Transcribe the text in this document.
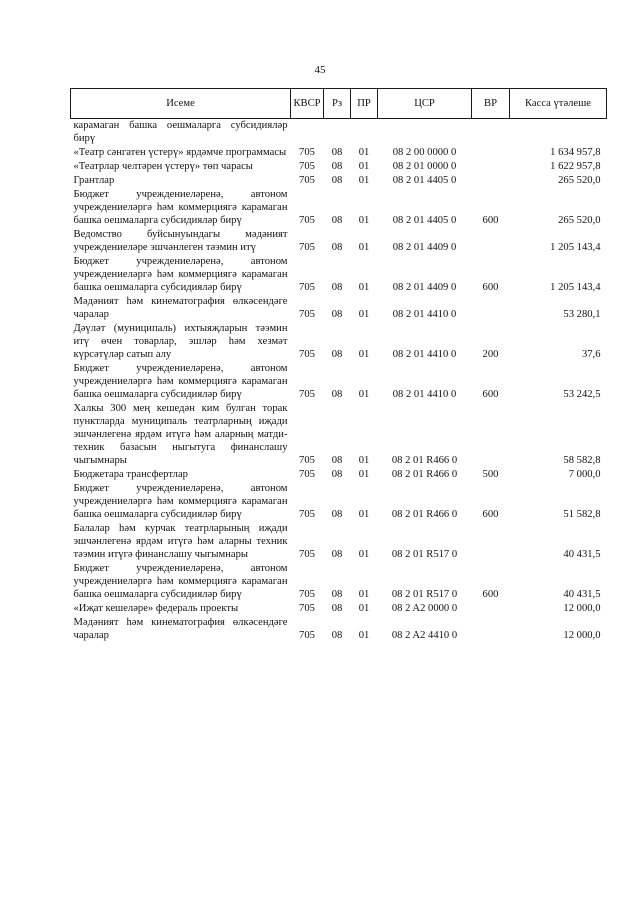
45
Исеме	КВСР	Рз	ПР	ЦСР	ВР	Касса үтәлеше
карамаган башка оешмаларга субсидияләр бирү						
«Театр сәнгатен үстерү» ярдәмче программасы	705	08	01	08 2 00 0000 0		1 634 957,8
«Театрлар челтәрен үстерү» төп чарасы	705	08	01	08 2 01 0000 0		1 622 957,8
Грантлар	705	08	01	08 2 01 4405 0		265 520,0
Бюджет учреждениеләренә, автоном учреждениеләргә һәм коммерциягә карамаган башка оешмаларга субсидияләр бирү	705	08	01	08 2 01 4405 0	600	265 520,0
Ведомство буйсынуындагы мәдәният учреждениеләре эшчәнлеген тәэмин итү	705	08	01	08 2 01 4409 0		1 205 143,4
Бюджет учреждениеләренә, автоном учреждениеләргә һәм коммерциягә карамаган башка оешмаларга субсидияләр бирү	705	08	01	08 2 01 4409 0	600	1 205 143,4
Мәдәният һәм кинематография өлкәсендәге чаралар	705	08	01	08 2 01 4410 0		53 280,1
Дәүләт (муниципаль) ихтыяҗларын тәэмин итү өчен товарлар, эшләр һәм хезмәт күрсәтүләр сатып алу	705	08	01	08 2 01 4410 0	200	37,6
Бюджет учреждениеләренә, автоном учреждениеләргә һәм коммерциягә карамаган башка оешмаларга субсидияләр бирү	705	08	01	08 2 01 4410 0	600	53 242,5
Халкы 300 мең кешедән ким булган торак пунктларда муниципаль театрларның иҗади эшчәнлегенә ярдәм итүгә һәм аларның матди-техник базасын ныгытуга финанслашу чыгымнары	705	08	01	08 2 01 R466 0		58 582,8
Бюджетара трансфертлар	705	08	01	08 2 01 R466 0	500	7 000,0
Бюджет учреждениеләренә, автоном учреждениеләргә һәм коммерциягә карамаган башка оешмаларга субсидияләр бирү	705	08	01	08 2 01 R466 0	600	51 582,8
Балалар һәм курчак театрларының иҗади эшчәнлегенә ярдәм итүгә һәм аларны техник тәэмин итүгә финанслашу чыгымнары	705	08	01	08 2 01 R517 0		40 431,5
Бюджет учреждениеләренә, автоном учреждениеләргә һәм коммерциягә карамаган башка оешмаларга субсидияләр бирү	705	08	01	08 2 01 R517 0	600	40 431,5
«Иҗат кешеләре» федераль проекты	705	08	01	08 2 A2 0000 0		12 000,0
Мәдәният һәм кинематография өлкәсендәге чаралар	705	08	01	08 2 A2 4410 0		12 000,0
